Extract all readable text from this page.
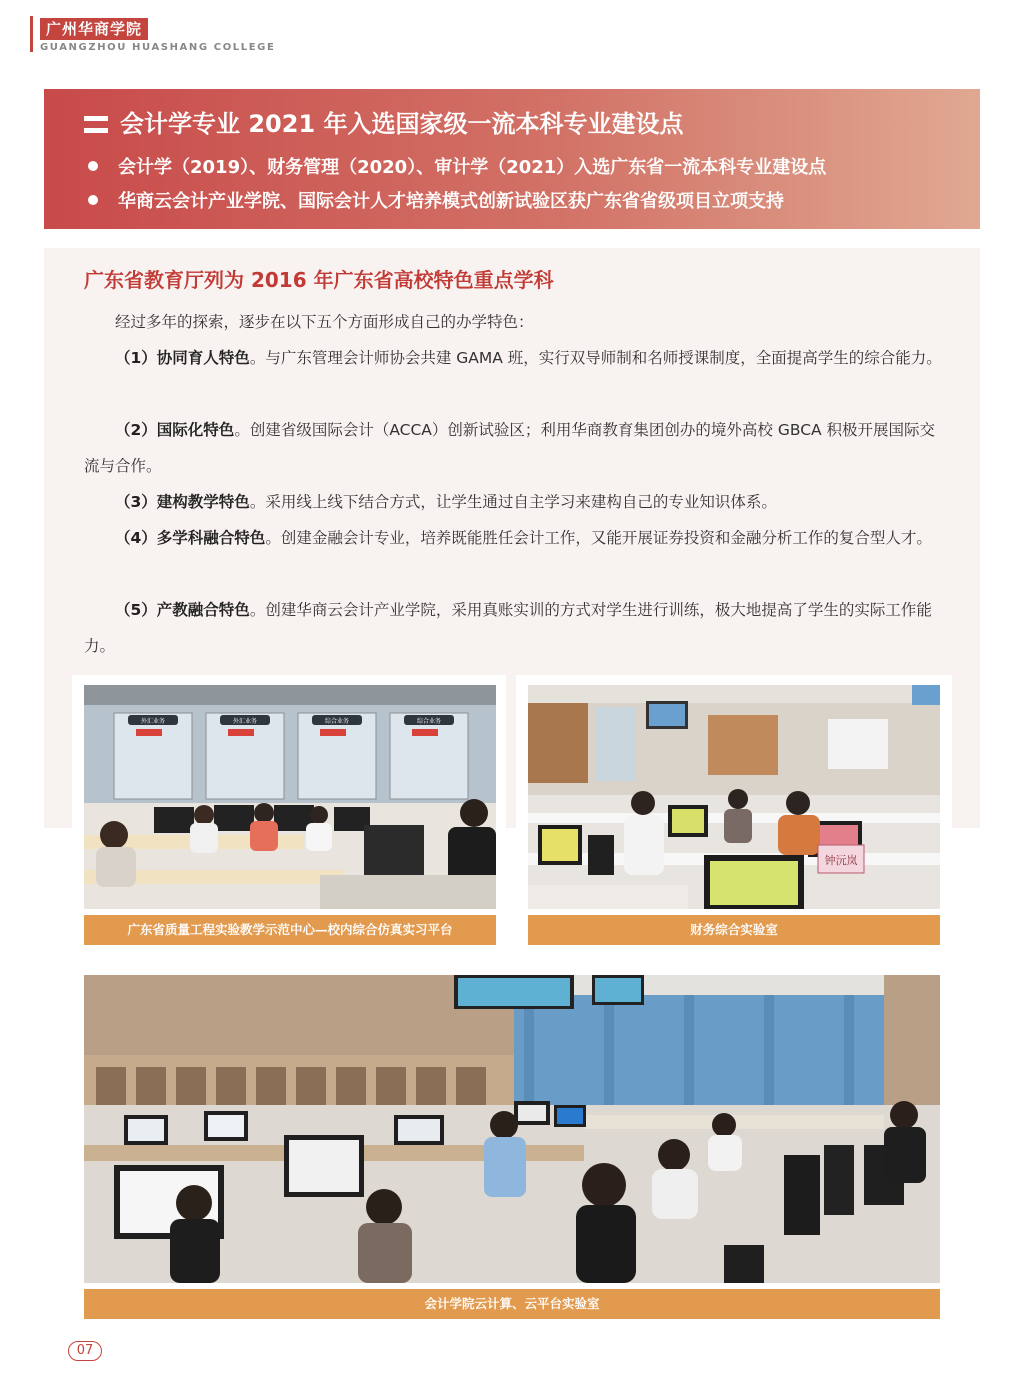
广州华商学院
GUANGZHOU HUASHANG COLLEGE
会计学专业 2021 年入选国家级一流本科专业建设点
会计学（2019）、财务管理（2020）、审计学（2021）入选广东省一流本科专业建设点
华商云会计产业学院、国际会计人才培养模式创新试验区获广东省省级项目立项支持
广东省教育厅列为 2016 年广东省高校特色重点学科

经过多年的探索，逐步在以下五个方面形成自己的办学特色：

（1）协同育人特色。与广东管理会计师协会共建 GAMA 班，实行双导师制和名师授课制度，全面提高学生的综合能力。

（2）国际化特色。创建省级国际会计（ACCA）创新试验区；利用华商教育集团创办的境外高校 GBCA 积极开展国际交流与合作。

（3）建构教学特色。采用线上线下结合方式，让学生通过自主学习来建构自己的专业知识体系。

（4）多学科融合特色。创建金融会计专业，培养既能胜任会计工作，又能开展证券投资和金融分析工作的复合型人才。

（5）产教融合特色。创建华商云会计产业学院，采用真账实训的方式对学生进行训练，极大地提高了学生的实际工作能力。

外汇业务	外汇业务	综合业务	综合业务
广东省质量工程实验教学示范中心—校内综合仿真实习平台
钟沅岚
财务综合实验室
会计学院云计算、云平台实验室
07
